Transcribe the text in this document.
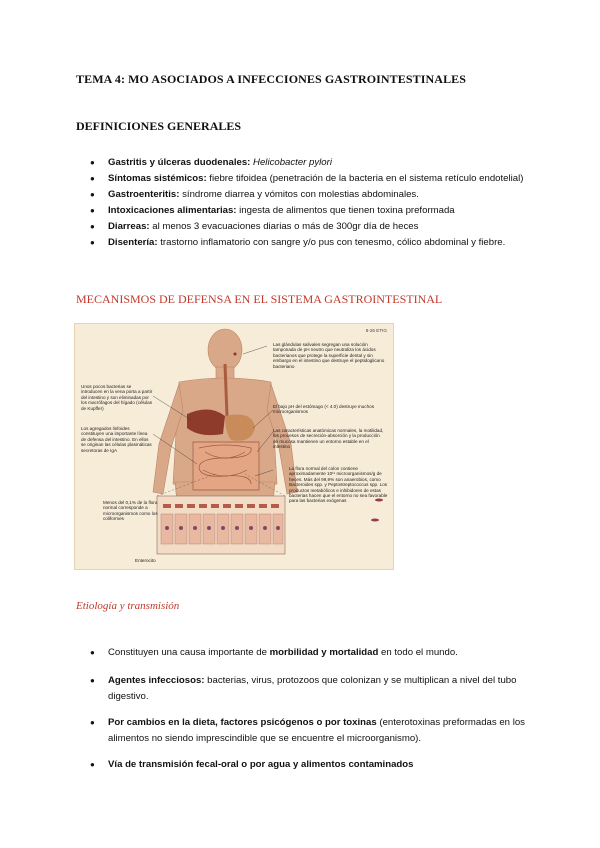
TEMA 4: MO ASOCIADOS A INFECCIONES GASTROINTESTINALES
DEFINICIONES GENERALES
● Gastritis y úlceras duodenales: Helicobacter pylori
● Síntomas sistémicos: fiebre tifoidea (penetración de la bacteria en el sistema retículo endotelial)
● Gastroenteritis: síndrome diarrea y vómitos con molestias abdominales.
● Intoxicaciones alimentarias: ingesta de alimentos que tienen toxina preformada
● Diarreas: al menos 3 evacuaciones diarias o más de 300gr día de heces
● Disentería: trastorno inflamatorio con sangre y/o pus con tenesmo, cólico abdominal y fiebre.
MECANISMOS DE DEFENSA EN EL SISTEMA GASTROINTESTINAL
8-26 ETIG
Las glándulas salivales segregan una solución tamponada de pH neutro que neutraliza los ácidos bacterianos que protege la superficie dental y sin embargo en el intestino que destruye el peptidoglicano bacteriano
El bajo pH del estómago (< 4.0) destruye muchos microorganismos
Las características anatómicas normales, la motilidad, los procesos de secreción-absorción y la producción de mucosa mantienen un entorno estable en el intestino
La flora normal del colon contiene aproximadamente 10¹¹ microorganismos/g de heces. Más del 99,9% son anaerobios, como Bacteroides spp. y Peptostreptococcus spp. Los productos metabólicos e inhibidores de estas bacterias hacen que el entorno no sea favorable para las bacterias exógenas
Unos pocos bacterias se introducen en la vena porta a partir del intestino y son eliminadas por los macrófagos del hígado (células de Kupffer)
Los agregados linfoides constituyen una importante línea de defensa del intestino. En ellos se originan las células plasmáticas secretoras de IgA
Menos del 0,1% de la flora normal corresponde a microorganismos como los coliformes
Enterocito
Etiología y transmisión
● Constituyen una causa importante de morbilidad y mortalidad en todo el mundo.
● Agentes infecciosos: bacterias, virus, protozoos que colonizan y se multiplican a nivel del tubo digestivo.
● Por cambios en la dieta, factores psicógenos o por toxinas (enterotoxinas preformadas en los alimentos no siendo imprescindible que se encuentre el microorganismo).
● Vía de transmisión fecal-oral o por agua y alimentos contaminados
